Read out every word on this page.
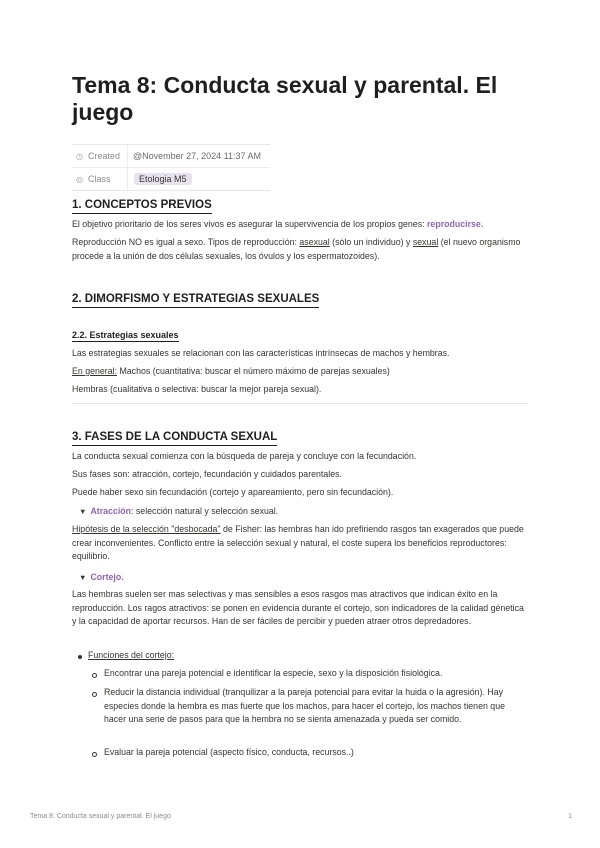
Tema 8: Conducta sexual y parental. El juego
◷ Created	@November 27, 2024 11:37 AM
◎ Class	Etologia M5
1. CONCEPTOS PREVIOS

El objetivo prioritario de los seres vivos es asegurar la supervivencia de los propios genes: reproducirse.

Reproducción NO es igual a sexo. Tipos de reproducción: asexual (sólo un individuo) y sexual (el nuevo organismo procede a la unión de dos células sexuales, los óvulos y los espermatozoides).

2. DIMORFISMO Y ESTRATEGIAS SEXUALES
2.2. Estrategias sexuales

Las estrategias sexuales se relacionan con las características intrínsecas de machos y hembras.

En general: Machos (cuantitativa: buscar el número máximo de parejas sexuales)

Hembras (cualitativa o selectiva: buscar la mejor pareja sexual).

3. FASES DE LA CONDUCTA SEXUAL

La conducta sexual comienza con la búsqueda de pareja y concluye con la fecundación.

Sus fases son: atracción, cortejo, fecundación y cuidados parentales.

Puede haber sexo sin fecundación (cortejo y apareamiento, pero sin fecundación).

▼ Atracción: selección natural y selección sexual.

Hipótesis de la selección "desbocada" de Fisher: las hembras han ido prefiriendo rasgos tan exagerados que puede crear inconvenientes. Conflicto entre la selección sexual y natural, el coste supera los beneficios reproductores: equilibrio.

▼ Cortejo.

Las hembras suelen ser mas selectivas y mas sensibles a esos rasgos mas atractivos que indican éxito en la reproducción. Los ragos atractivos: se ponen en evidencia durante el cortejo, son indicadores de la calidad génetica y la capacidad de aportar recursos. Han de ser fáciles de percibir y pueden atraer otros depredadores.

Funciones del cortejo:

Encontrar una pareja potencial e identificar la especie, sexo y la disposición fisiológica.

Reducir la distancia individual (tranquilizar a la pareja potencial para evitar la huida o la agresión). Hay especies donde la hembra es mas fuerte que los machos, para hacer el cortejo, los machos tienen que hacer una serie de pasos para que la hembra no se sienta amenazada y pueda ser comido.

Evaluar la pareja potencial (aspecto físico, conducta, recursos..)

Tema 8: Conducta sexual y parental. El juego	1
